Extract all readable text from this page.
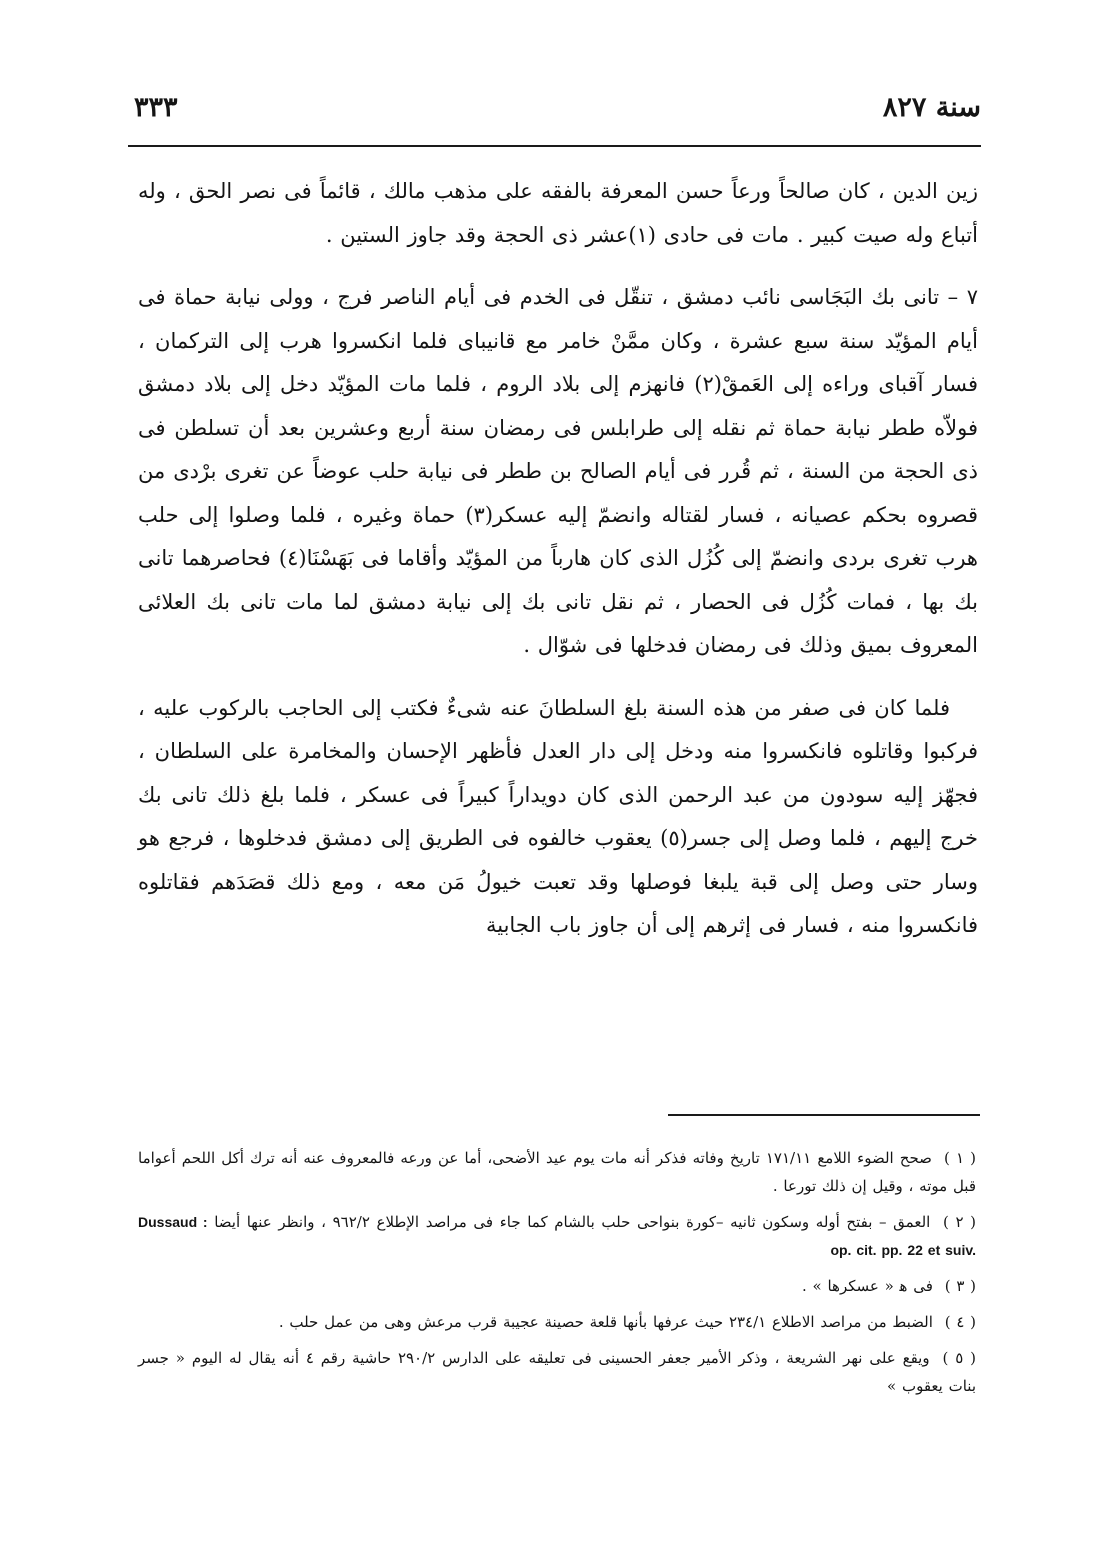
سنة ٨٢٧
٣٣٣

زين الدين ، كان صالحاً ورعاً حسن المعرفة بالفقه على مذهب مالك ، قائماً فى نصر الحق ، وله أتباع وله صيت كبير . مات فى حادى (١)عشر ذى الحجة وقد جاوز الستين .

٧ – تانى بك البَجَاسى نائب دمشق ، تنقّل فى الخدم فى أيام الناصر فرج ، وولى نيابة حماة فى أيام المؤيّد سنة سبع عشرة ، وكان ممَّنْ خامر مع قانيباى فلما انكسروا هرب إلى التركمان ، فسار آقباى وراءه إلى العَمقْ(٢) فانهزم إلى بلاد الروم ، فلما مات المؤيّد دخل إلى بلاد دمشق فولاّه ططر نيابة حماة ثم نقله إلى طرابلس فى رمضان سنة أربع وعشرين بعد أن تسلطن فى ذى الحجة من السنة ، ثم قُرر فى أيام الصالح بن ططر فى نيابة حلب عوضاً عن تغرى برْدى من قصروه بحكم عصيانه ، فسار لقتاله وانضمّ إليه عسكر(٣) حماة وغيره ، فلما وصلوا إلى حلب هرب تغرى بردى وانضمّ إلى كُزُل الذى كان هارباً من المؤيّد وأقاما فى بَهَسْنَا(٤) فحاصرهما تانى بك بها ، فمات كُزُل فى الحصار ، ثم نقل تانى بك إلى نيابة دمشق لما مات تانى بك العلائى المعروف بميق وذلك فى رمضان فدخلها فى شوّال .

فلما كان فى صفر من هذه السنة بلغ السلطانَ عنه شىءٌ فكتب إلى الحاجب بالركوب عليه ، فركبوا وقاتلوه فانكسروا منه ودخل إلى دار العدل فأظهر الإحسان والمخامرة على السلطان ، فجهّز إليه سودون من عبد الرحمن الذى كان دويداراً كبيراً فى عسكر ، فلما بلغ ذلك تانى بك خرج إليهم ، فلما وصل إلى جسر(٥) يعقوب خالفوه فى الطريق إلى دمشق فدخلوها ، فرجع هو وسار حتى وصل إلى قبة يلبغا فوصلها وقد تعبت خيولُ مَن معه ، ومع ذلك قصَدَهم فقاتلوه فانكسروا منه ، فسار فى إثرهم إلى أن جاوز باب الجابية

( ١ ) صحح الضوء اللامع ١٧١/١١ تاريخ وفاته فذكر أنه مات يوم عيد الأضحى، أما عن ورعه فالمعروف عنه أنه ترك أكل اللحم أعواما قبل موته ، وقيل إن ذلك تورعا .

( ٢ ) العمق – بفتح أوله وسكون ثانيه –كورة بنواحى حلب بالشام كما جاء فى مراصد الإطلاع ٩٦٢/٢ ، وانظر عنها أيضا Dussaud : op. cit. pp. 22 et suiv.

( ٣ ) فى ﻫ « عسكرها » .

( ٤ ) الضبط من مراصد الاطلاع ٢٣٤/١ حيث عرفها بأنها قلعة حصينة عجيبة قرب مرعش وهى من عمل حلب .

( ٥ ) ويقع على نهر الشريعة ، وذكر الأمير جعفر الحسينى فى تعليقه على الدارس ٢٩٠/٢ حاشية رقم ٤ أنه يقال له اليوم « جسر بنات يعقوب »
